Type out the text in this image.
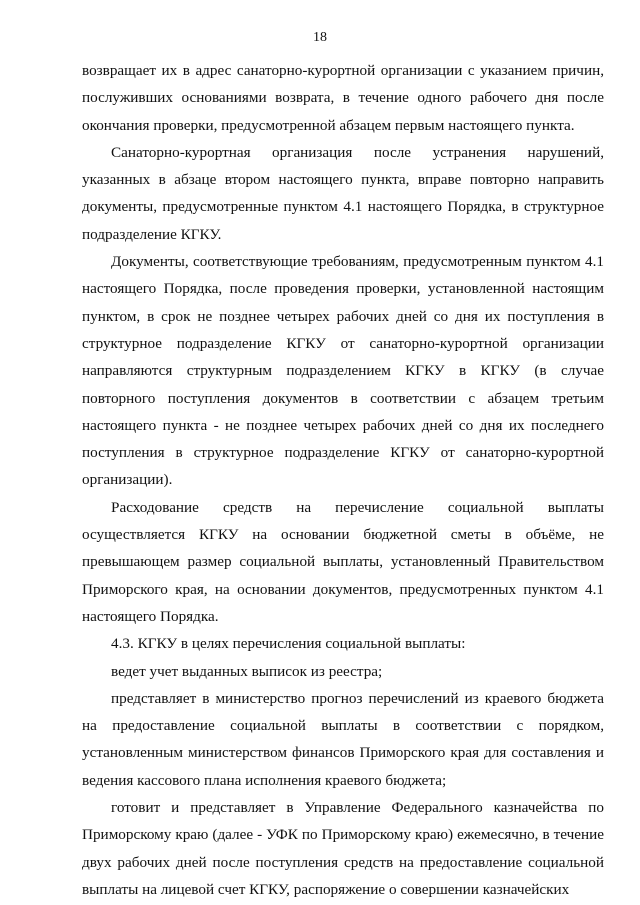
18

возвращает их в адрес санаторно-курортной организации с указанием причин, послуживших основаниями возврата, в течение одного рабочего дня после окончания проверки, предусмотренной абзацем первым настоящего пункта.

Санаторно-курортная организация после устранения нарушений, указанных в абзаце втором настоящего пункта, вправе повторно направить документы, предусмотренные пунктом 4.1 настоящего Порядка, в структурное подразделение КГКУ.

Документы, соответствующие требованиям, предусмотренным пунктом 4.1 настоящего Порядка, после проведения проверки, установленной настоящим пунктом, в срок не позднее четырех рабочих дней со дня их поступления в структурное подразделение КГКУ от санаторно-курортной организации направляются структурным подразделением КГКУ в КГКУ (в случае повторного поступления документов в соответствии с абзацем третьим настоящего пункта - не позднее четырех рабочих дней со дня их последнего поступления в структурное подразделение КГКУ от санаторно-курортной организации).

Расходование средств на перечисление социальной выплаты осуществляется КГКУ на основании бюджетной сметы в объёме, не превышающем размер социальной выплаты, установленный Правительством Приморского края, на основании документов, предусмотренных пунктом 4.1 настоящего Порядка.

4.3. КГКУ в целях перечисления социальной выплаты:

ведет учет выданных выписок из реестра;

представляет в министерство прогноз перечислений из краевого бюджета на предоставление социальной выплаты в соответствии с порядком, установленным министерством финансов Приморского края для составления и ведения кассового плана исполнения краевого бюджета;

готовит и представляет в Управление Федерального казначейства по Приморскому краю (далее - УФК по Приморскому краю) ежемесячно, в течение двух рабочих дней после поступления средств на предоставление социальной выплаты на лицевой счет КГКУ, распоряжение о совершении казначейских
